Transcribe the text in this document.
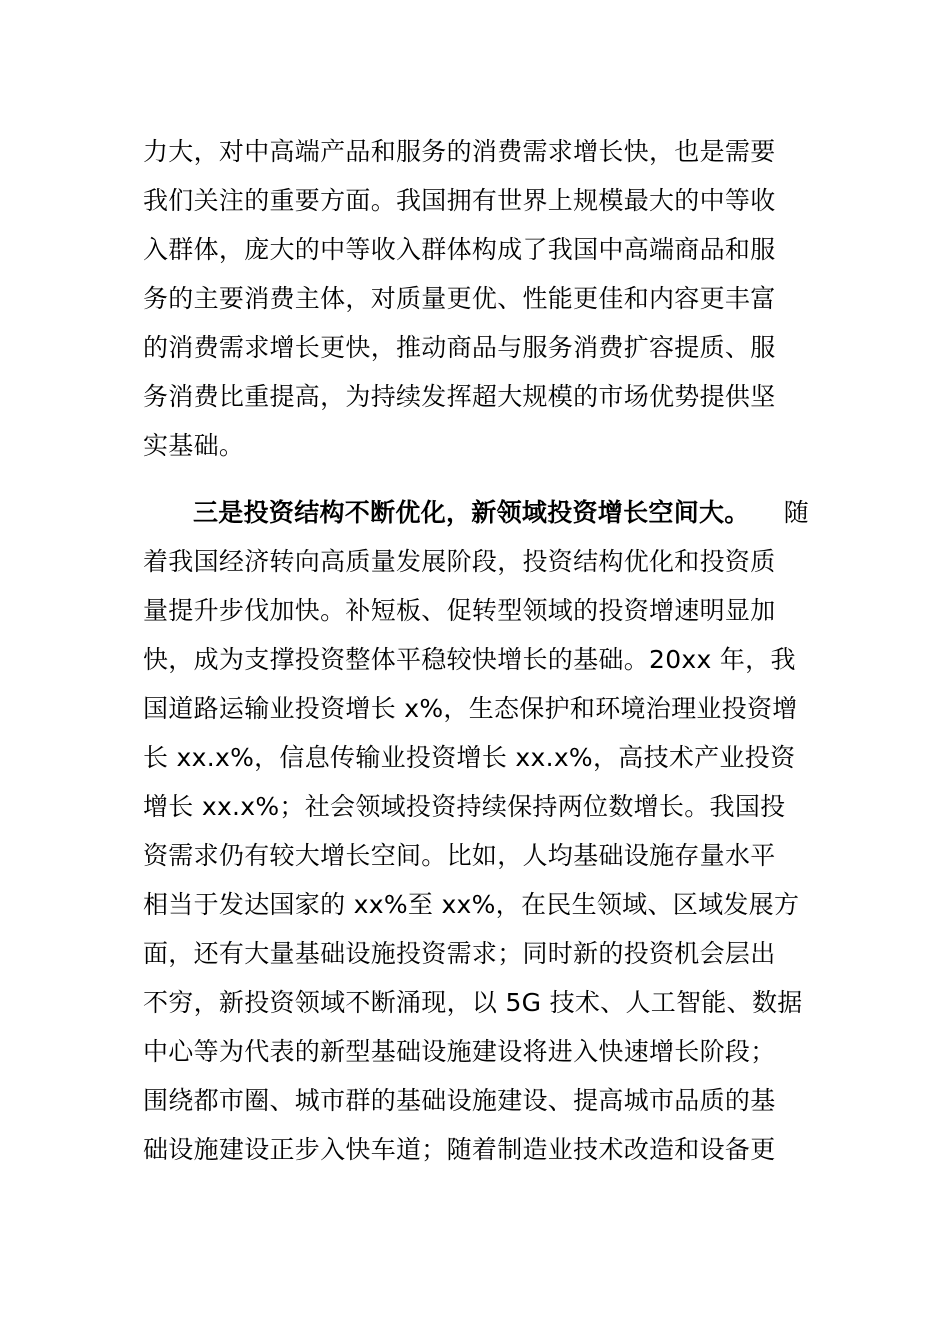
力大，对中高端产品和服务的消费需求增长快，也是需要
我们关注的重要方面。我国拥有世界上规模最大的中等收
入群体，庞大的中等收入群体构成了我国中高端商品和服
务的主要消费主体，对质量更优、性能更佳和内容更丰富
的消费需求增长更快，推动商品与服务消费扩容提质、服
务消费比重提高，为持续发挥超大规模的市场优势提供坚
实基础。
三是投资结构不断优化，新领域投资增长空间大。 随
着我国经济转向高质量发展阶段，投资结构优化和投资质
量提升步伐加快。补短板、促转型领域的投资增速明显加
快，成为支撑投资整体平稳较快增长的基础。20xx 年，我
国道路运输业投资增长 x%，生态保护和环境治理业投资增
长 xx.x%，信息传输业投资增长 xx.x%，高技术产业投资
增长 xx.x%；社会领域投资持续保持两位数增长。我国投
资需求仍有较大增长空间。比如，人均基础设施存量水平
相当于发达国家的 xx%至 xx%，在民生领域、区域发展方
面，还有大量基础设施投资需求；同时新的投资机会层出
不穷，新投资领域不断涌现，以 5G 技术、人工智能、数据
中心等为代表的新型基础设施建设将进入快速增长阶段；
围绕都市圈、城市群的基础设施建设、提高城市品质的基
础设施建设正步入快车道；随着制造业技术改造和设备更
